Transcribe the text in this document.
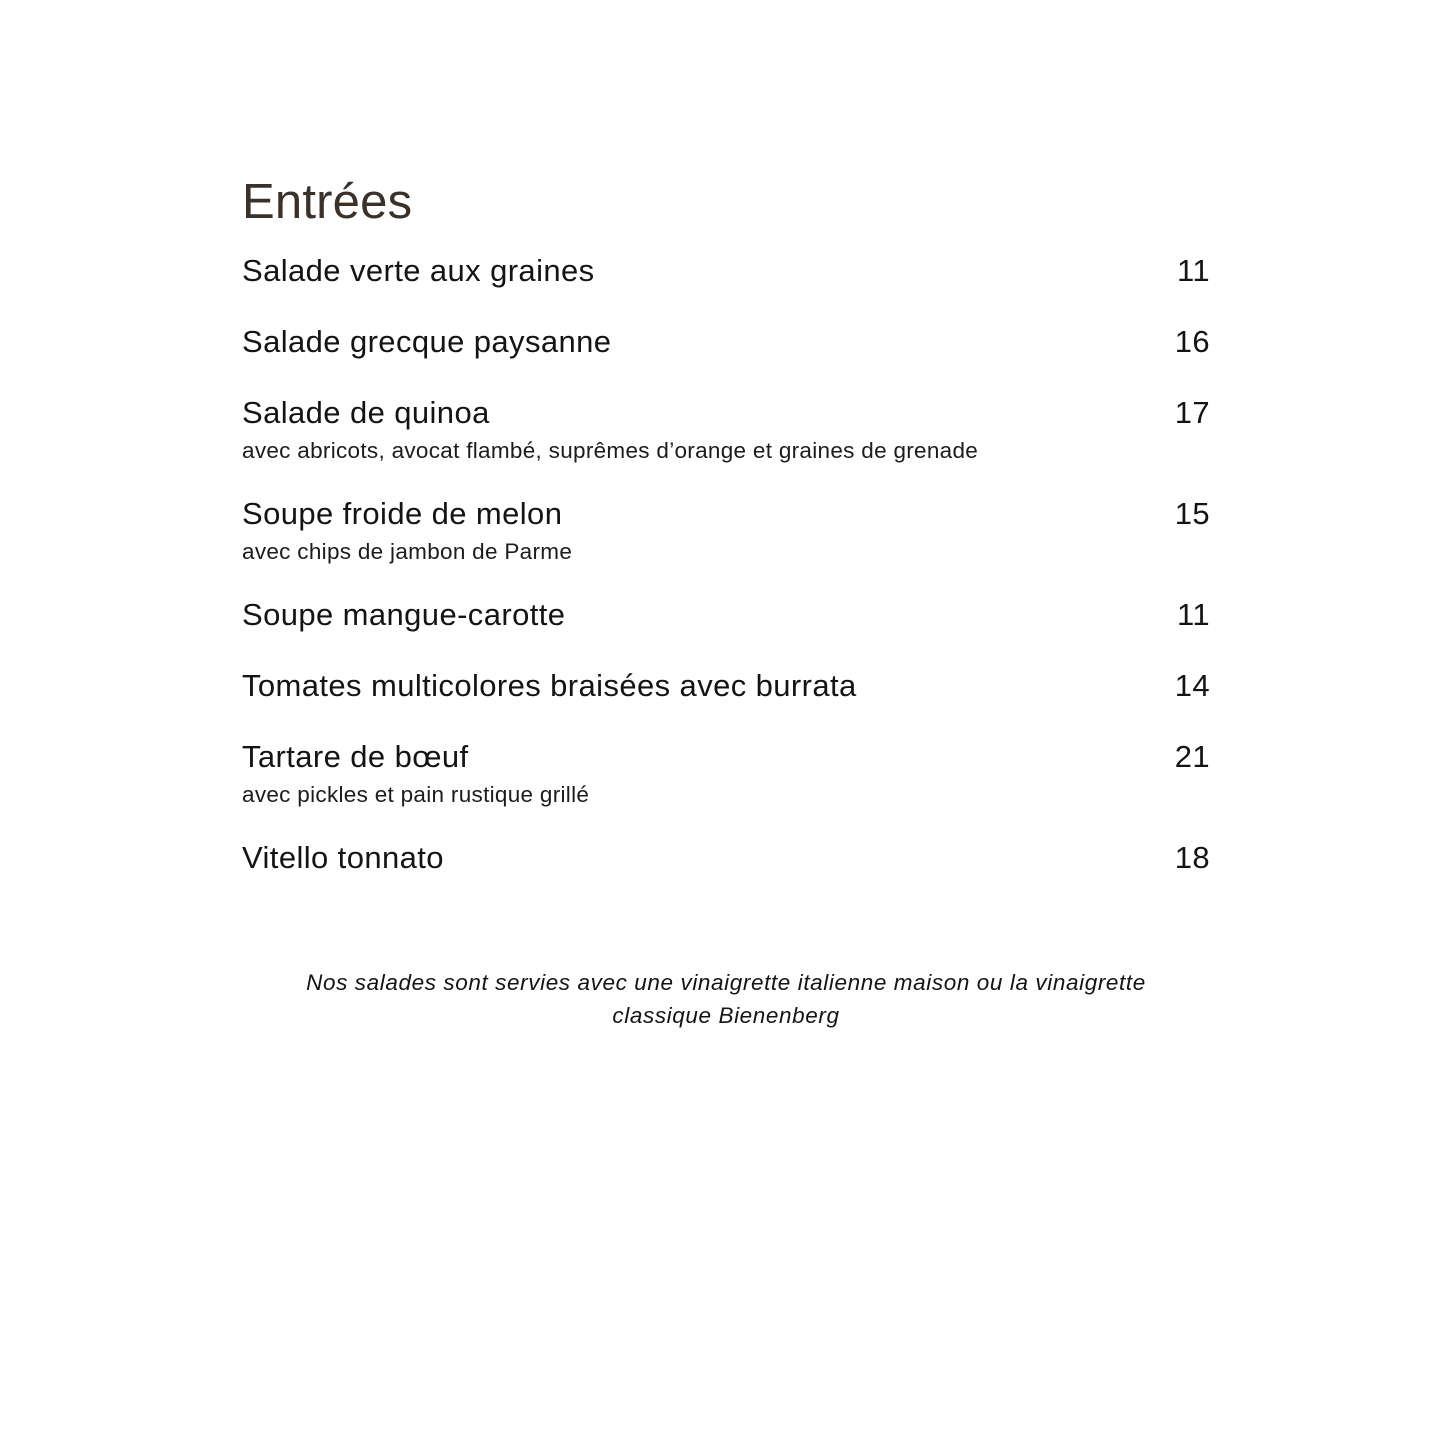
Entrées
Salade verte aux graines	11
Salade grecque paysanne	16
Salade de quinoa	17
avec abricots, avocat flambé, suprêmes d’orange et graines de grenade
Soupe froide de melon	15
avec chips de jambon de Parme
Soupe mangue-carotte	11
Tomates multicolores braisées avec burrata	14
Tartare de bœuf	21
avec pickles et pain rustique grillé
Vitello tonnato	18
Nos salades sont servies avec une vinaigrette italienne maison ou la vinaigrette classique Bienenberg
